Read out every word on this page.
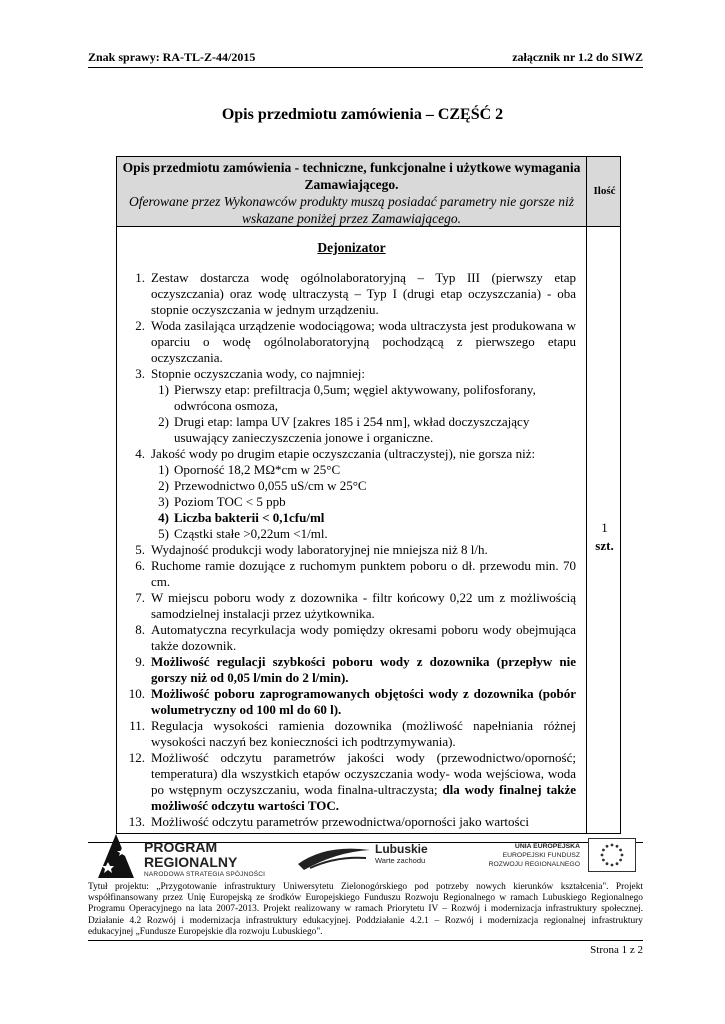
Znak sprawy: RA-TL-Z-44/2015	załącznik nr 1.2 do SIWZ
Opis przedmiotu zamówienia – CZĘŚĆ 2
Opis przedmiotu zamówienia - techniczne, funkcjonalne i użytkowe wymagania Zamawiającego.
Oferowane przez Wykonawców produkty muszą posiadać parametry nie gorsze niż wskazane poniżej przez Zamawiającego.
Ilość
Dejonizator
1. Zestaw dostarcza wodę ogólnolaboratoryjną – Typ III (pierwszy etap oczyszczania) oraz wodę ultraczystą – Typ I (drugi etap oczyszczania) - oba stopnie oczyszczania w jednym urządzeniu.
2. Woda zasilająca urządzenie wodociągowa; woda ultraczysta jest produkowana w oparciu o wodę ogólnolaboratoryjną pochodzącą z pierwszego etapu oczyszczania.
3. Stopnie oczyszczania wody, co najmniej:
1) Pierwszy etap: prefiltracja 0,5um; węgiel aktywowany, polifosforany, odwrócona osmoza,
2) Drugi etap: lampa UV [zakres 185 i 254 nm], wkład doczyszczający usuwający zanieczyszczenia jonowe i organiczne.
4. Jakość wody po drugim etapie oczyszczania (ultraczystej), nie gorsza niż:
1) Oporność 18,2 MΩ*cm w 25°C
2) Przewodnictwo 0,055 uS/cm w 25°C
3) Poziom TOC < 5 ppb
4) Liczba bakterii < 0,1cfu/ml
5) Cząstki stałe >0,22um <1/ml.
5. Wydajność produkcji wody laboratoryjnej nie mniejsza niż 8 l/h.
6. Ruchome ramie dozujące z ruchomym punktem poboru o dł. przewodu min. 70 cm.
7. W miejscu poboru wody z dozownika - filtr końcowy 0,22 um z możliwością samodzielnej instalacji przez użytkownika.
8. Automatyczna recyrkulacja wody pomiędzy okresami poboru wody obejmująca także dozownik.
9. Możliwość regulacji szybkości poboru wody z dozownika (przepływ nie gorszy niż od 0,05 l/min do 2 l/min).
10. Możliwość poboru zaprogramowanych objętości wody z dozownika (pobór wolumetryczny od 100 ml do 60 l).
11. Regulacja wysokości ramienia dozownika (możliwość napełniania różnej wysokości naczyń bez konieczności ich podtrzymywania).
12. Możliwość odczytu parametrów jakości wody (przewodnictwo/oporność; temperatura) dla wszystkich etapów oczyszczania wody- woda wejściowa, woda po wstępnym oczyszczaniu, woda finalna-ultraczysta; dla wody finalnej także możliwość odczytu wartości TOC.
13. Możliwość odczytu parametrów przewodnictwa/oporności jako wartości
1
szt.
PROGRAM
REGIONALNY
NARODOWA STRATEGIA SPÓJNOŚCI
Lubuskie
Warte zachodu
UNIA EUROPEJSKA
EUROPEJSKI FUNDUSZ
ROZWOJU REGIONALNEGO
Tytuł projektu: „Przygotowanie infrastruktury Uniwersytetu Zielonogórskiego pod potrzeby nowych kierunków kształcenia". Projekt współfinansowany przez Unię Europejską ze środków Europejskiego Funduszu Rozwoju Regionalnego w ramach Lubuskiego Regionalnego Programu Operacyjnego na lata 2007-2013. Projekt realizowany w ramach Priorytetu IV – Rozwój i modernizacja infrastruktury społecznej. Działanie 4.2 Rozwój i modernizacja infrastruktury edukacyjnej. Poddziałanie 4.2.1 – Rozwój i modernizacja regionalnej infrastruktury edukacyjnej „Fundusze Europejskie dla rozwoju Lubuskiego".
Strona 1 z 2
